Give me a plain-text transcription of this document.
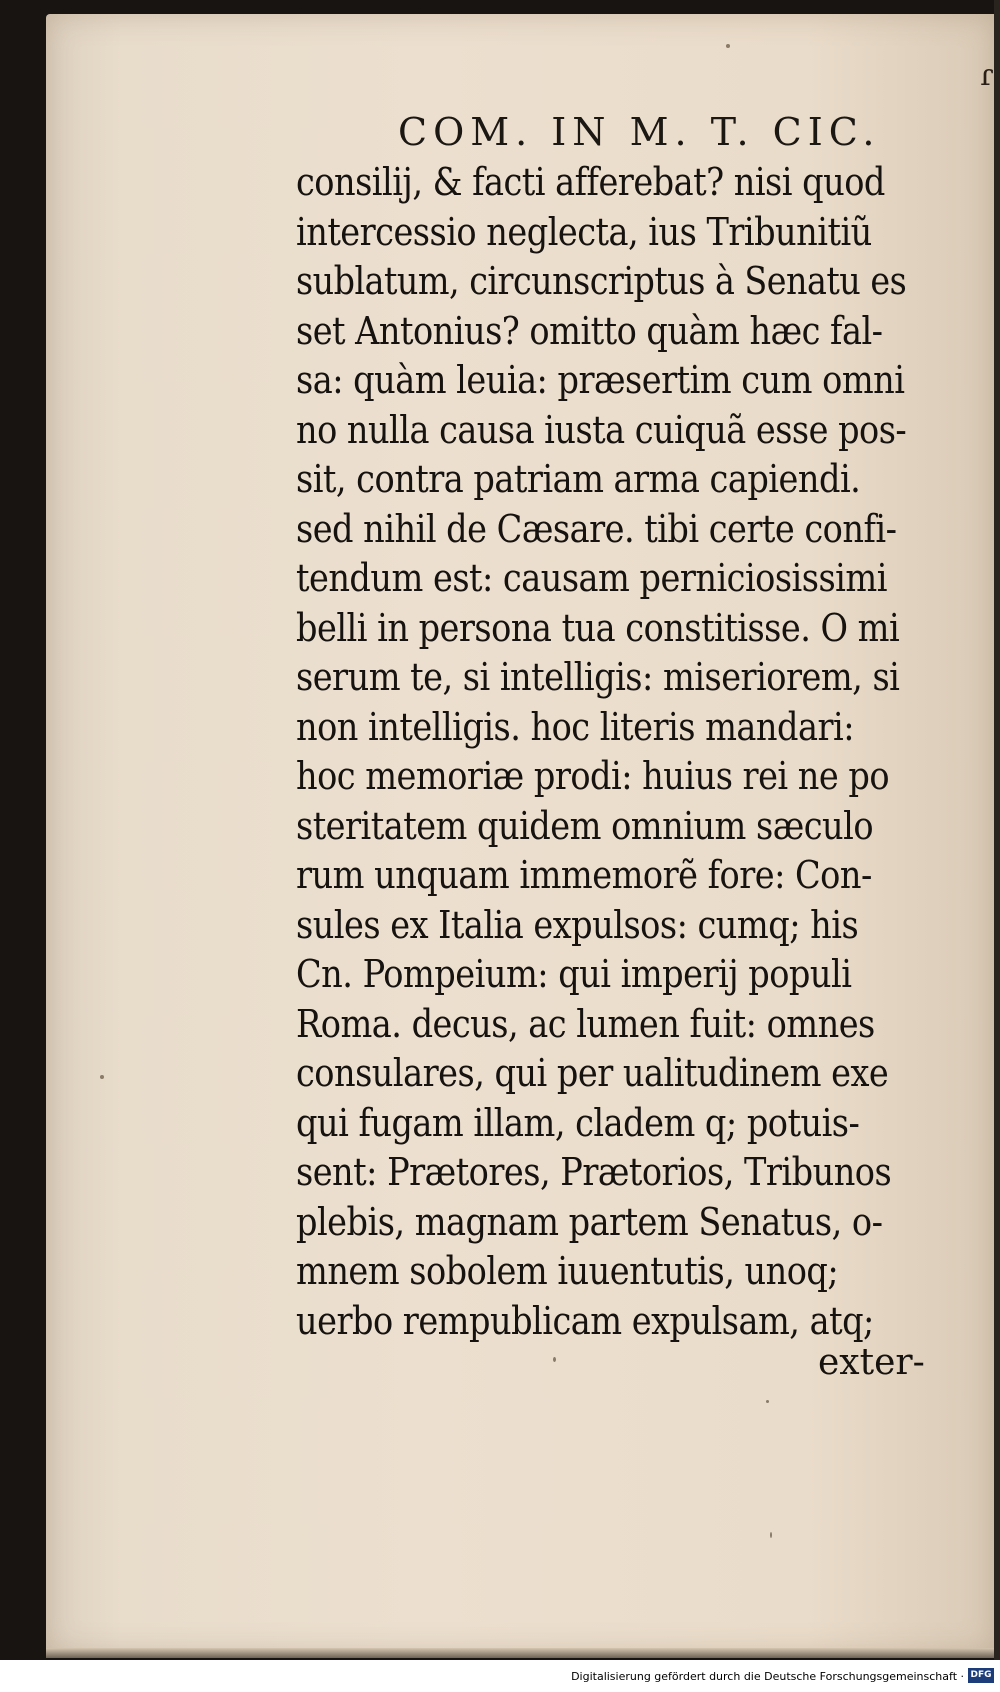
ɾ
COM. IN M. T. CIC.
consilij, & facti afferebat? nisi quod
intercessio neglecta, ius Tribunitiũ
sublatum, circunscriptus à Senatu es
set Antonius? omitto quàm hæc fal-
sa: quàm leuia: præsertim cum omni
no nulla causa iusta cuiquã esse pos-
sit, contra patriam arma capiendi.
sed nihil de Cæsare. tibi certe confi-
tendum est: causam perniciosissimi
belli in persona tua constitisse. O mi
serum te, si intelligis: miseriorem, si
non intelligis. hoc literis mandari:
hoc memoriæ prodi: huius rei ne po
steritatem quidem omnium sæculo
rum unquam immemorẽ fore: Con-
sules ex Italia expulsos: cumq; his
Cn. Pompeium: qui imperij populi
Roma. decus, ac lumen fuit: omnes
consulares, qui per ualitudinem exe
qui fugam illam, cladem q; potuis-
sent: Prætores, Prætorios, Tribunos
plebis, magnam partem Senatus, o-
mnem sobolem iuuentutis, unoq;
uerbo rempublicam expulsam, atq;
exter-
Digitalisierung gefördert durch die Deutsche Forschungsgemeinschaft · DFG
